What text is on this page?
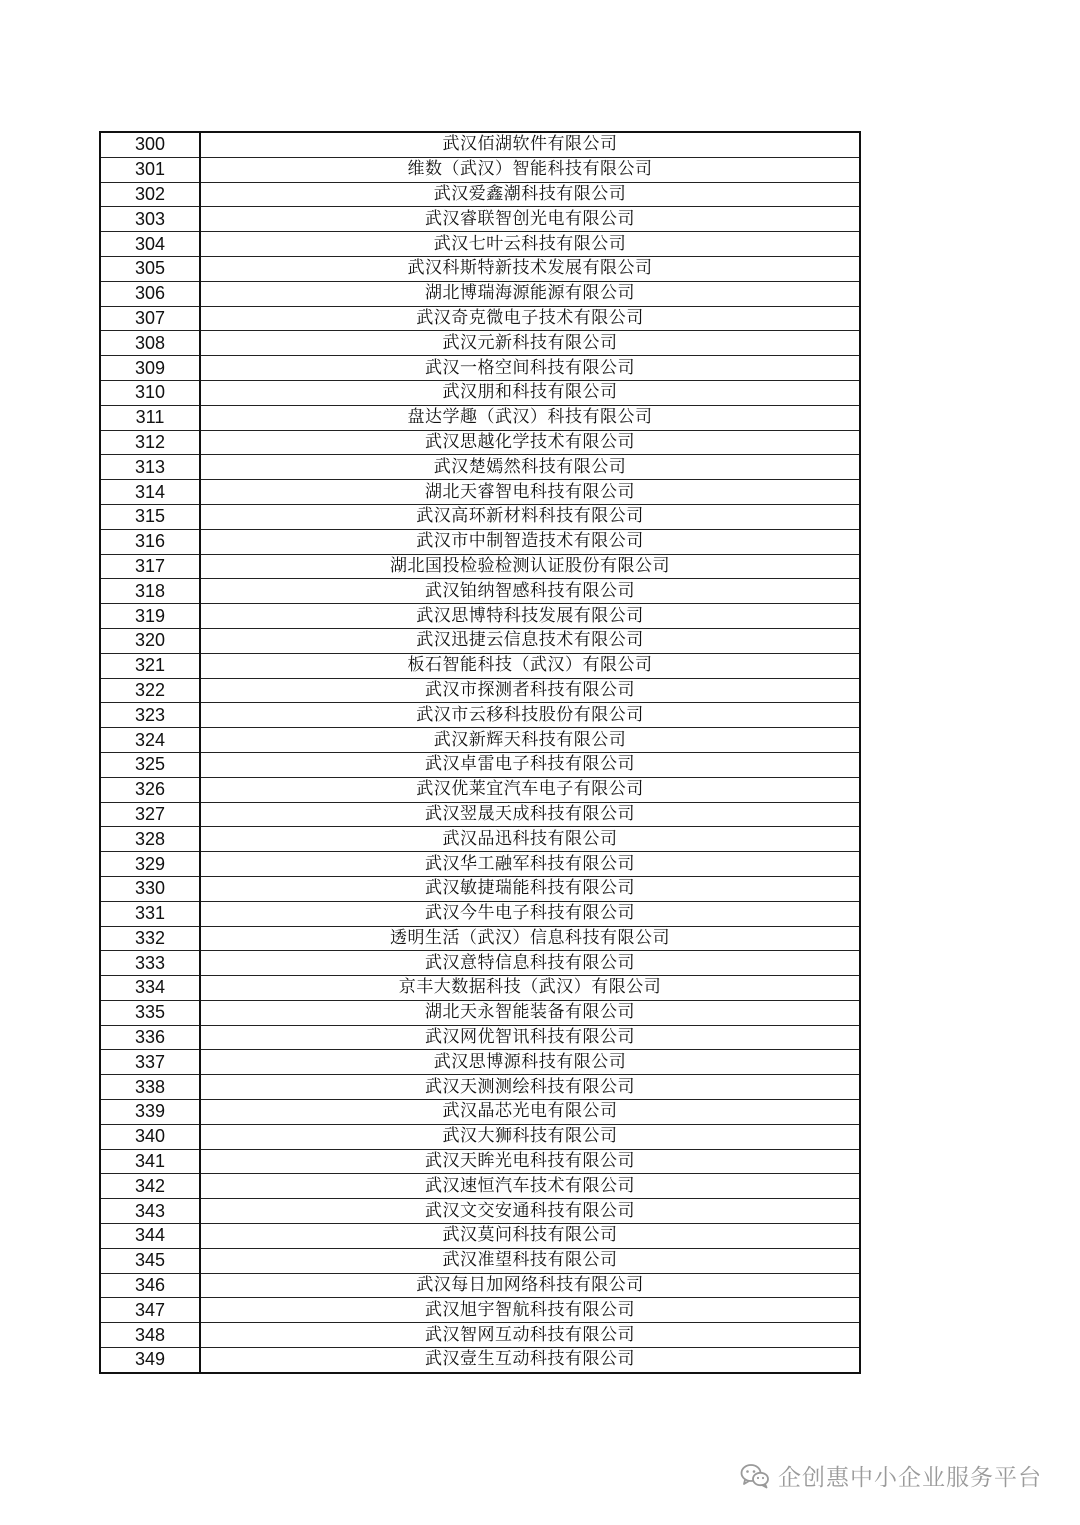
300	武汉佰湖软件有限公司
301	维数（武汉）智能科技有限公司
302	武汉爱鑫潮科技有限公司
303	武汉睿联智创光电有限公司
304	武汉七叶云科技有限公司
305	武汉科斯特新技术发展有限公司
306	湖北博瑞海源能源有限公司
307	武汉奇克微电子技术有限公司
308	武汉元新科技有限公司
309	武汉一格空间科技有限公司
310	武汉朋和科技有限公司
311	盘达学趣（武汉）科技有限公司
312	武汉思越化学技术有限公司
313	武汉楚嫣然科技有限公司
314	湖北天睿智电科技有限公司
315	武汉高环新材料科技有限公司
316	武汉市中制智造技术有限公司
317	湖北国投检验检测认证股份有限公司
318	武汉铂纳智感科技有限公司
319	武汉思博特科技发展有限公司
320	武汉迅捷云信息技术有限公司
321	板石智能科技（武汉）有限公司
322	武汉市探测者科技有限公司
323	武汉市云移科技股份有限公司
324	武汉新辉天科技有限公司
325	武汉卓雷电子科技有限公司
326	武汉优莱宜汽车电子有限公司
327	武汉翌晟天成科技有限公司
328	武汉品迅科技有限公司
329	武汉华工融军科技有限公司
330	武汉敏捷瑞能科技有限公司
331	武汉今牛电子科技有限公司
332	透明生活（武汉）信息科技有限公司
333	武汉意特信息科技有限公司
334	京丰大数据科技（武汉）有限公司
335	湖北天永智能装备有限公司
336	武汉网优智讯科技有限公司
337	武汉思博源科技有限公司
338	武汉天测测绘科技有限公司
339	武汉晶芯光电有限公司
340	武汉大狮科技有限公司
341	武汉天眸光电科技有限公司
342	武汉速恒汽车技术有限公司
343	武汉文交安通科技有限公司
344	武汉莫问科技有限公司
345	武汉准望科技有限公司
346	武汉每日加网络科技有限公司
347	武汉旭宇智航科技有限公司
348	武汉智网互动科技有限公司
349	武汉壹生互动科技有限公司
企创惠中小企业服务平台
